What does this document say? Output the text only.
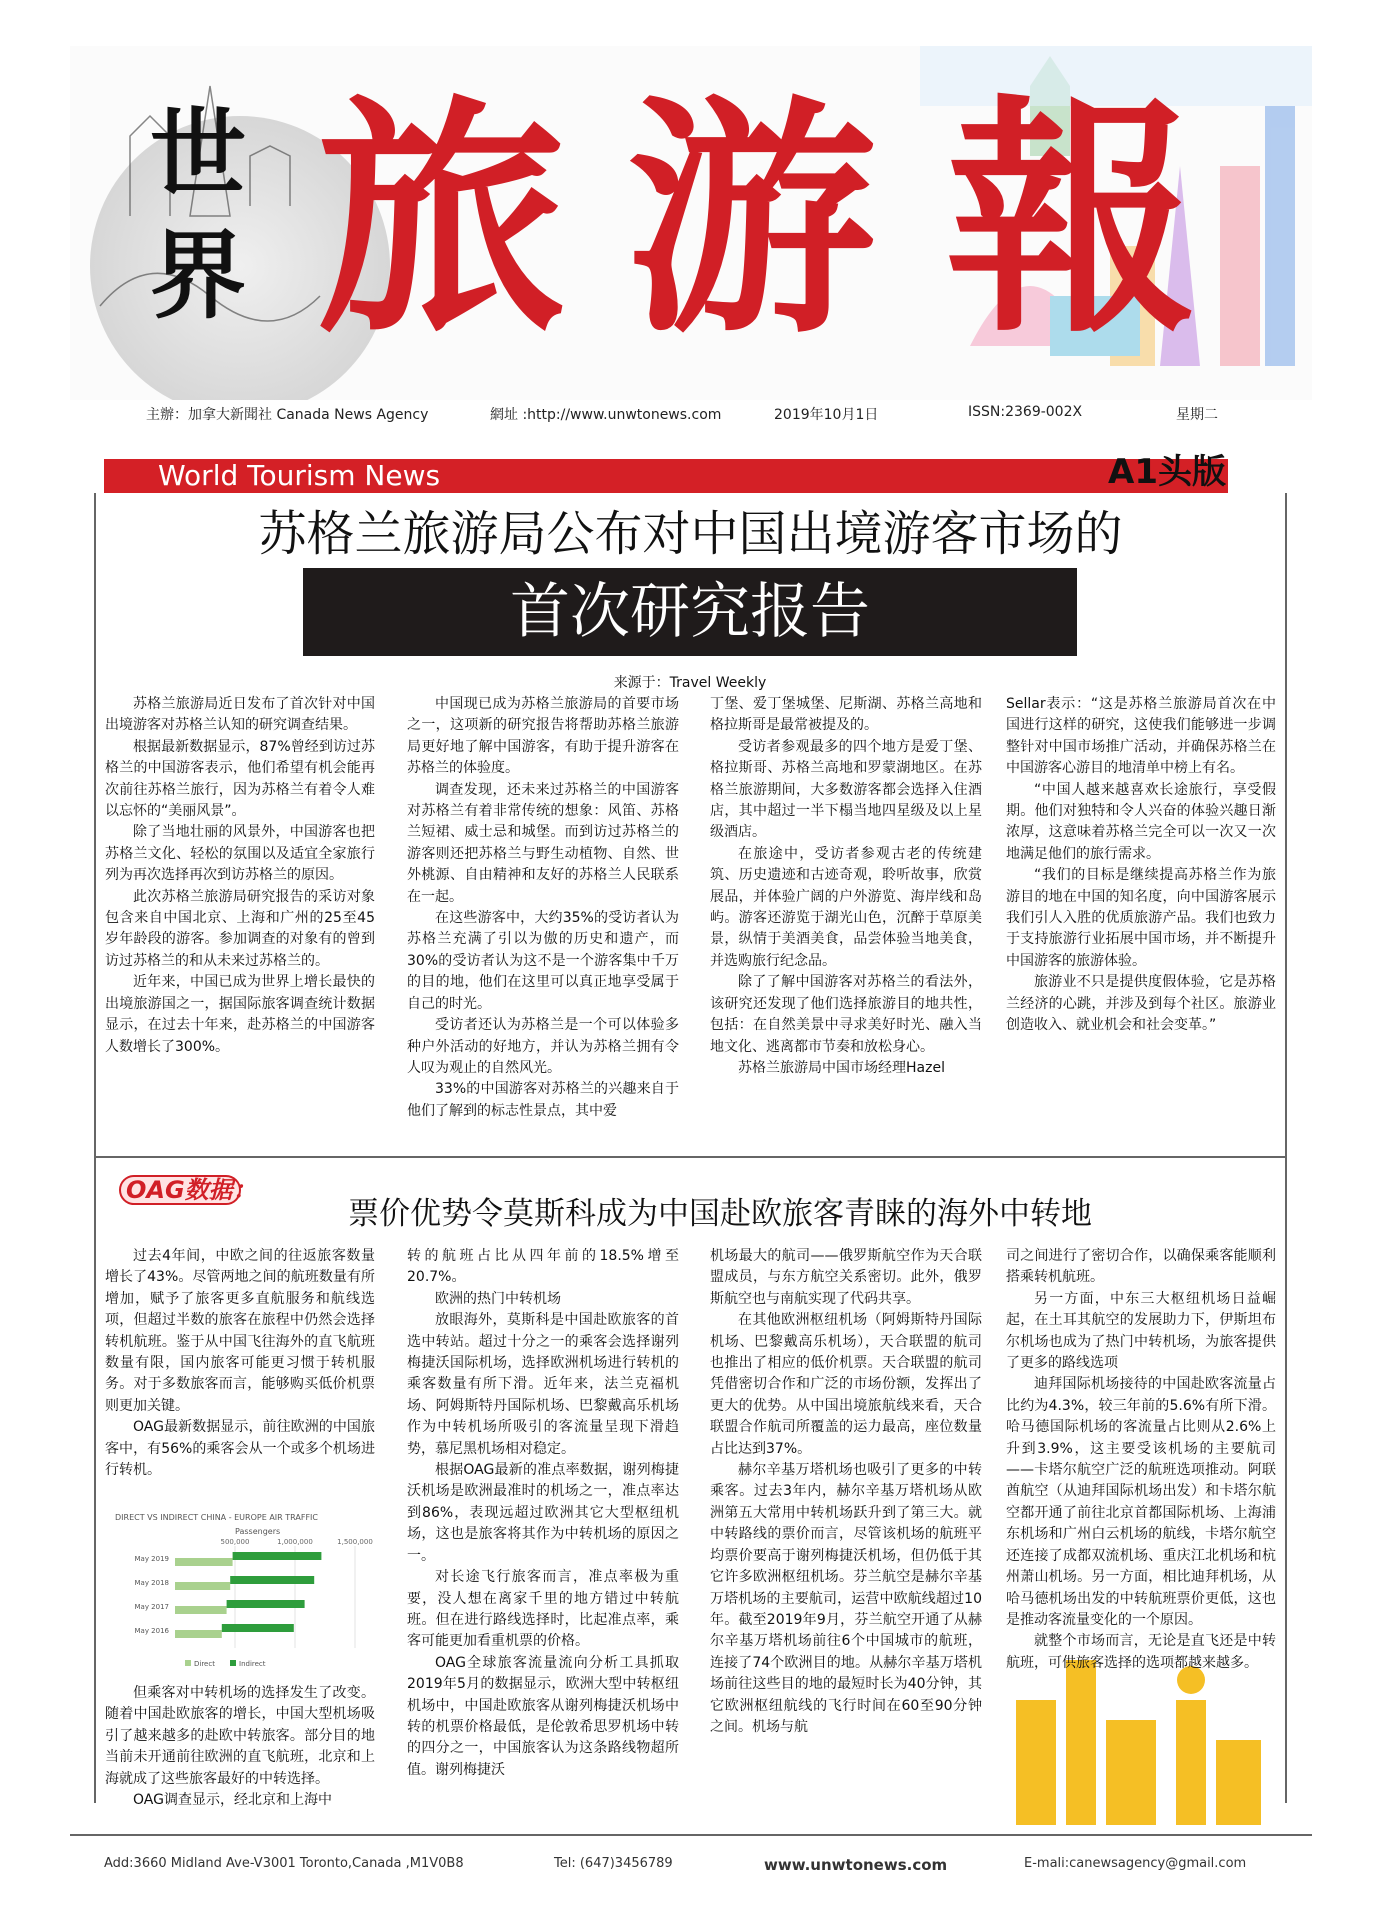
世
界 旅 游 報
主辦：加拿大新聞社 Canada News Agency	網址 :http://www.unwtonews.com	2019年10月1日	ISSN:2369-002X	星期二
World Tourism News	A1头版
苏格兰旅游局公布对中国出境游客市场的
首次研究报告
来源于：Travel Weekly

苏格兰旅游局近日发布了首次针对中国出境游客对苏格兰认知的研究调查结果。

根据最新数据显示，87%曾经到访过苏格兰的中国游客表示，他们希望有机会能再次前往苏格兰旅行，因为苏格兰有着令人难以忘怀的“美丽风景”。

除了当地壮丽的风景外，中国游客也把苏格兰文化、轻松的氛围以及适宜全家旅行列为再次选择再次到访苏格兰的原因。

此次苏格兰旅游局研究报告的采访对象包含来自中国北京、上海和广州的25至45岁年龄段的游客。参加调查的对象有的曾到访过苏格兰的和从未来过苏格兰的。

近年来，中国已成为世界上增长最快的出境旅游国之一，据国际旅客调查统计数据显示，在过去十年来，赴苏格兰的中国游客人数增长了300%。

中国现已成为苏格兰旅游局的首要市场之一，这项新的研究报告将帮助苏格兰旅游局更好地了解中国游客，有助于提升游客在苏格兰的体验度。

调查发现，还未来过苏格兰的中国游客对苏格兰有着非常传统的想象：风笛、苏格兰短裙、威士忌和城堡。而到访过苏格兰的游客则还把苏格兰与野生动植物、自然、世外桃源、自由精神和友好的苏格兰人民联系在一起。

在这些游客中，大约35%的受访者认为苏格兰充满了引以为傲的历史和遗产，而30%的受访者认为这不是一个游客集中千万的目的地，他们在这里可以真正地享受属于自己的时光。

受访者还认为苏格兰是一个可以体验多种户外活动的好地方，并认为苏格兰拥有令人叹为观止的自然风光。

33%的中国游客对苏格兰的兴趣来自于他们了解到的标志性景点，其中爱

丁堡、爱丁堡城堡、尼斯湖、苏格兰高地和格拉斯哥是最常被提及的。

受访者参观最多的四个地方是爱丁堡、格拉斯哥、苏格兰高地和罗蒙湖地区。在苏格兰旅游期间，大多数游客都会选择入住酒店，其中超过一半下榻当地四星级及以上星级酒店。

在旅途中，受访者参观古老的传统建筑、历史遗迹和古迹奇观，聆听故事，欣赏展品，并体验广阔的户外游览、海岸线和岛屿。游客还游览于湖光山色，沉醉于草原美景，纵情于美酒美食，品尝体验当地美食，并选购旅行纪念品。

除了了解中国游客对苏格兰的看法外，该研究还发现了他们选择旅游目的地共性，包括：在自然美景中寻求美好时光、融入当地文化、逃离都市节奏和放松身心。

苏格兰旅游局中国市场经理Hazel

Sellar表示：“这是苏格兰旅游局首次在中国进行这样的研究，这使我们能够进一步调整针对中国市场推广活动，并确保苏格兰在中国游客心游目的地清单中榜上有名。

“中国人越来越喜欢长途旅行，享受假期。他们对独特和令人兴奋的体验兴趣日渐浓厚，这意味着苏格兰完全可以一次又一次地满足他们的旅行需求。

“我们的目标是继续提高苏格兰作为旅游目的地在中国的知名度，向中国游客展示我们引人入胜的优质旅游产品。我们也致力于支持旅游行业拓展中国市场，并不断提升中国游客的旅游体验。

旅游业不只是提供度假体验，它是苏格兰经济的心跳，并涉及到每个社区。旅游业创造收入、就业机会和社会变革。”

OAG数据：
票价优势令莫斯科成为中国赴欧旅客青睐的海外中转地

过去4年间，中欧之间的往返旅客数量增长了43%。尽管两地之间的航班数量有所增加，赋予了旅客更多直航服务和航线选项，但超过半数的旅客在旅程中仍然会选择转机航班。鉴于从中国飞往海外的直飞航班数量有限，国内旅客可能更习惯于转机服务。对于多数旅客而言，能够购买低价机票则更加关键。

OAG最新数据显示，前往欧洲的中国旅客中，有56%的乘客会从一个或多个机场进行转机。

DIRECT VS INDIRECT CHINA - EUROPE AIR TRAFFIC
Passengers
500,000	1,000,000	1,500,000
May 2019
May 2018
May 2017
May 2016
Direct	Indirect

但乘客对中转机场的选择发生了改变。随着中国赴欧旅客的增长，中国大型机场吸引了越来越多的赴欧中转旅客。部分目的地当前未开通前往欧洲的直飞航班，北京和上海就成了这些旅客最好的中转选择。

OAG调查显示，经北京和上海中

转的航班占比从四年前的18.5%增至20.7%。

欧洲的热门中转机场

放眼海外，莫斯科是中国赴欧旅客的首选中转站。超过十分之一的乘客会选择谢列梅捷沃国际机场，选择欧洲机场进行转机的乘客数量有所下滑。近年来，法兰克福机场、阿姆斯特丹国际机场、巴黎戴高乐机场作为中转机场所吸引的客流量呈现下滑趋势，慕尼黑机场相对稳定。

根据OAG最新的准点率数据，谢列梅捷沃机场是欧洲最准时的机场之一，准点率达到86%，表现远超过欧洲其它大型枢纽机场，这也是旅客将其作为中转机场的原因之一。

对长途飞行旅客而言，准点率极为重要，没人想在离家千里的地方错过中转航班。但在进行路线选择时，比起准点率，乘客可能更加看重机票的价格。

OAG全球旅客流量流向分析工具抓取2019年5月的数据显示，欧洲大型中转枢纽机场中，中国赴欧旅客从谢列梅捷沃机场中转的机票价格最低，是伦敦希思罗机场中转的四分之一，中国旅客认为这条路线物超所值。谢列梅捷沃

机场最大的航司——俄罗斯航空作为天合联盟成员，与东方航空关系密切。此外，俄罗斯航空也与南航实现了代码共享。

在其他欧洲枢纽机场（阿姆斯特丹国际机场、巴黎戴高乐机场），天合联盟的航司也推出了相应的低价机票。天合联盟的航司凭借密切合作和广泛的市场份额，发挥出了更大的优势。从中国出境旅航线来看，天合联盟合作航司所覆盖的运力最高，座位数量占比达到37%。

赫尔辛基万塔机场也吸引了更多的中转乘客。过去3年内，赫尔辛基万塔机场从欧洲第五大常用中转机场跃升到了第三大。就中转路线的票价而言，尽管该机场的航班平均票价要高于谢列梅捷沃机场，但仍低于其它许多欧洲枢纽机场。芬兰航空是赫尔辛基万塔机场的主要航司，运营中欧航线超过10年。截至2019年9月，芬兰航空开通了从赫尔辛基万塔机场前往6个中国城市的航班，连接了74个欧洲目的地。从赫尔辛基万塔机场前往这些目的地的最短时长为40分钟，其它欧洲枢纽航线的飞行时间在60至90分钟之间。机场与航

司之间进行了密切合作，以确保乘客能顺利搭乘转机航班。

另一方面，中东三大枢纽机场日益崛起，在土耳其航空的发展助力下，伊斯坦布尔机场也成为了热门中转机场，为旅客提供了更多的路线选项

迪拜国际机场接待的中国赴欧客流量占比约为4.3%，较三年前的5.6%有所下滑。哈马德国际机场的客流量占比则从2.6%上升到3.9%，这主要受该机场的主要航司——卡塔尔航空广泛的航班选项推动。阿联酋航空（从迪拜国际机场出发）和卡塔尔航空都开通了前往北京首都国际机场、上海浦东机场和广州白云机场的航线，卡塔尔航空还连接了成都双流机场、重庆江北机场和杭州萧山机场。另一方面，相比迪拜机场，从哈马德机场出发的中转航班票价更低，这也是推动客流量变化的一个原因。

就整个市场而言，无论是直飞还是中转航班，可供旅客选择的选项都越来越多。

Add:3660 Midland Ave-V3001 Toronto,Canada ,M1V0B8	Tel: (647)3456789	www.unwtonews.com	E-mali:canewsagency@gmail.com
